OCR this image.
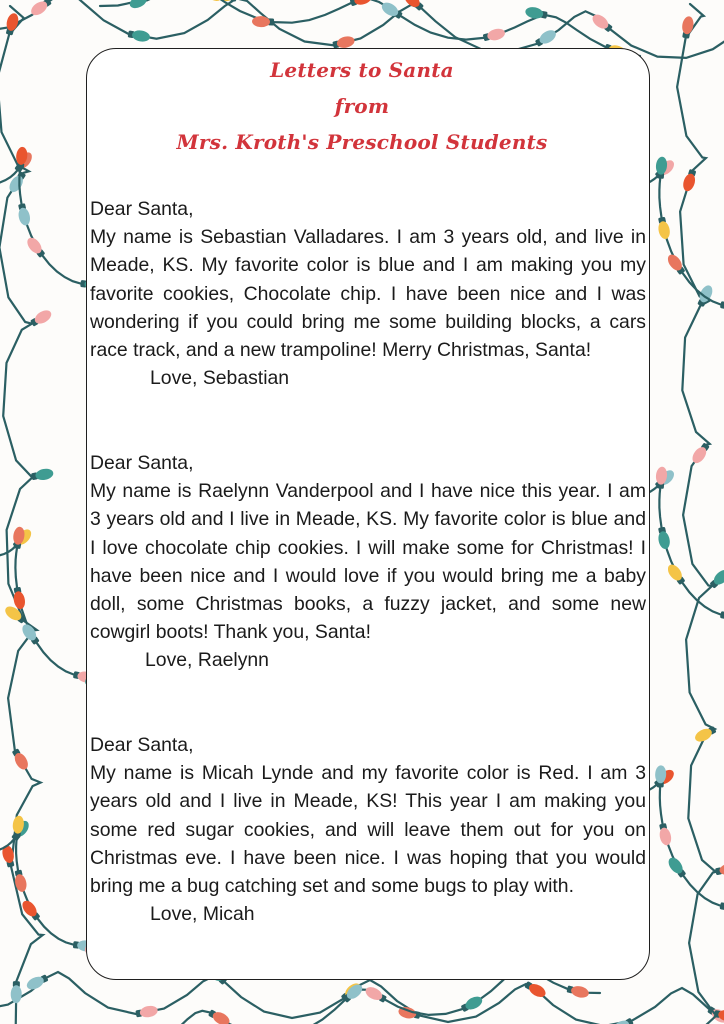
Letters to Santa
from
Mrs. Kroth's Preschool Students
Dear Santa,
My name is Sebastian Valladares. I am 3 years old, and live in Meade, KS. My favorite color is blue and I am making you my favorite cookies, Chocolate chip. I have been nice and I was wondering if you could bring me some building blocks, a cars race track, and a new trampoline! Merry Christmas, Santa!
Love, Sebastian
Dear Santa,
My name is Raelynn Vanderpool and I have nice this year. I am 3 years old and I live in Meade, KS. My favorite color is blue and I love chocolate chip cookies. I will make some for Christmas! I have been nice and I would love if you would bring me a baby doll, some Christmas books, a fuzzy jacket, and some new cowgirl boots! Thank you, Santa!
Love, Raelynn
Dear Santa,
My name is Micah Lynde and my favorite color is Red. I am 3 years old and I live in Meade, KS! This year I am making you some red sugar cookies, and will leave them out for you on Christmas eve. I have been nice. I was hoping that you would bring me a bug catching set and some bugs to play with.
Love, Micah
